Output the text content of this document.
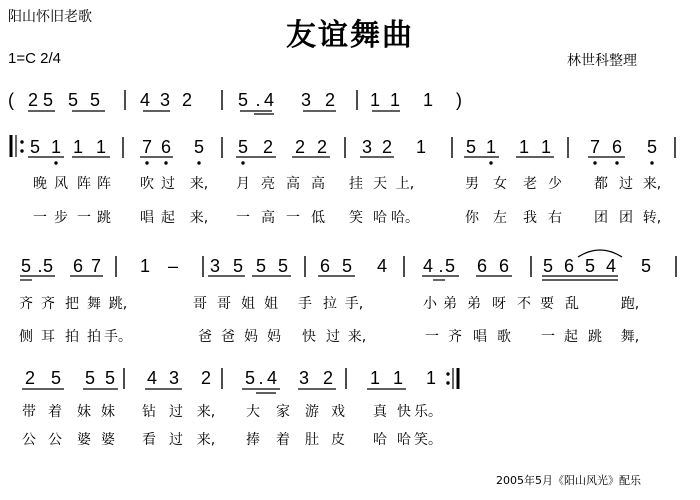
阳山怀旧老歌
友谊舞曲
1=C 2/4	林世科整理
2005年5月《阳山风光》配乐
( 2 5 5 5 4 3 2	5 . 4 3 2 1 1 1 )
5 1 1 1 7 6 5 5 2 2 2 3 2 1 5 1 1 1 7 6 5
晚 风 阵 阵 吹 过 来, 月 亮 高 高 挂 天 上,	男 女 老 少 都 过 来,
一 步 一 跳 唱 起 来, 一 高 一 低 笑 哈 哈。	你 左 我 右 团 团 转,
5 . 5 6 7 1 – 3 5 5 5 6 5 4 4 . 5 6 6 5 6 5 4 5
齐 齐 把 舞 跳,	哥 哥 姐 姐 手 拉 手,	小 弟 弟 呀 不 要 乱	跑,
侧 耳 拍 拍 手。	爸 爸 妈 妈 快 过 来,	一 齐 唱 歌 一 起 跳 舞,
2 5 5 5 4 3 2 5 . 4 3 2 1 1 1
带 着 妹 妹 钻 过 来, 大 家 游 戏 真 快 乐。
公 公 婆 婆 看 过 来, 捧 着 肚 皮 哈 哈 笑。
